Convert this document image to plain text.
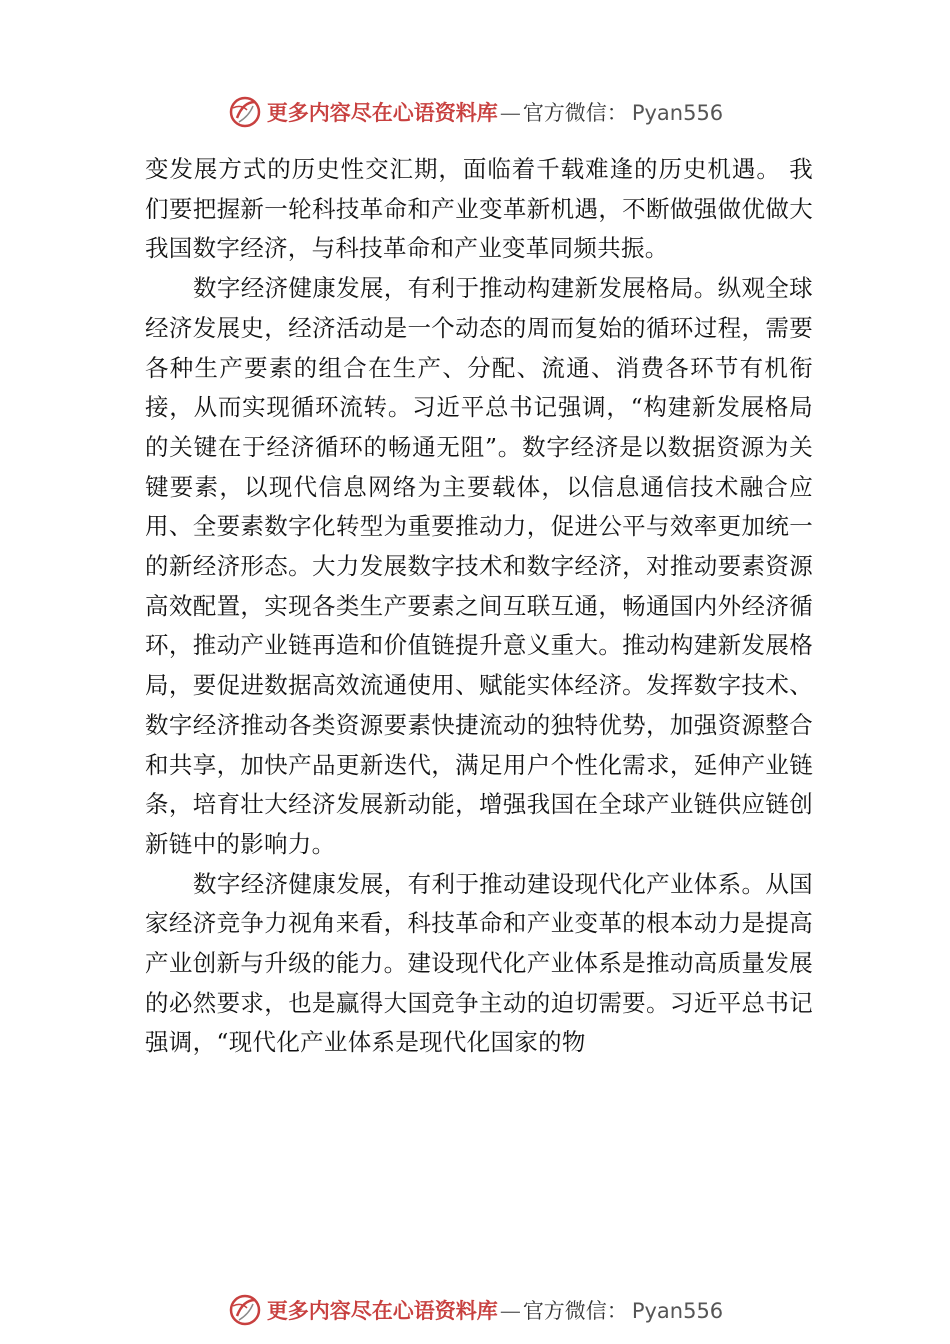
更多内容尽在心语资料库 — 官方微信： Pyan556

变发展方式的历史性交汇期，面临着千载难逢的历史机遇。 我们要把握新一轮科技革命和产业变革新机遇，不断做强做优做大我国数字经济，与科技革命和产业变革同频共振。

数字经济健康发展，有利于推动构建新发展格局。纵观全球经济发展史，经济活动是一个动态的周而复始的循环过程，需要各种生产要素的组合在生产、分配、流通、消费各环节有机衔接，从而实现循环流转。习近平总书记强调，“构建新发展格局的关键在于经济循环的畅通无阻”。数字经济是以数据资源为关键要素，以现代信息网络为主要载体，以信息通信技术融合应用、全要素数字化转型为重要推动力，促进公平与效率更加统一的新经济形态。大力发展数字技术和数字经济，对推动要素资源高效配置，实现各类生产要素之间互联互通，畅通国内外经济循环，推动产业链再造和价值链提升意义重大。推动构建新发展格局，要促进数据高效流通使用、赋能实体经济。发挥数字技术、数字经济推动各类资源要素快捷流动的独特优势，加强资源整合和共享，加快产品更新迭代，满足用户个性化需求，延伸产业链条，培育壮大经济发展新动能，增强我国在全球产业链供应链创新链中的影响力。

数字经济健康发展，有利于推动建设现代化产业体系。从国家经济竞争力视角来看，科技革命和产业变革的根本动力是提高产业创新与升级的能力。建设现代化产业体系是推动高质量发展的必然要求，也是赢得大国竞争主动的迫切需要。习近平总书记强调，“现代化产业体系是现代化国家的物

更多内容尽在心语资料库 — 官方微信： Pyan556
